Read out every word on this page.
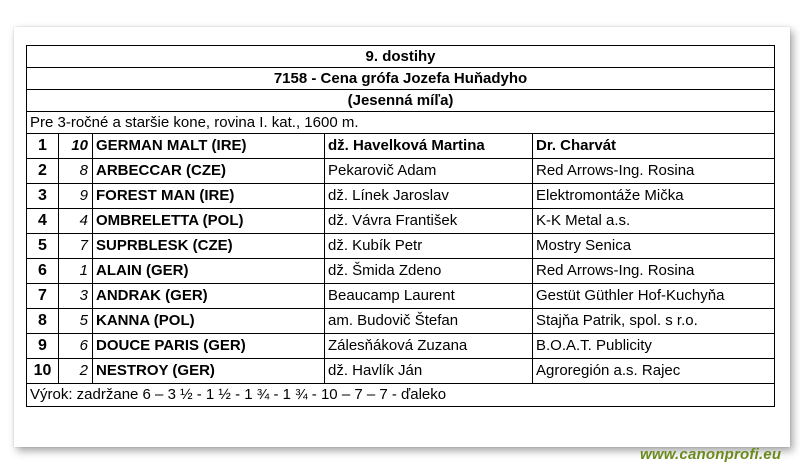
9. dostihy				
7158 - Cena grófa Jozefa Huňadyho				
(Jesenná míľa)				
Pre 3-ročné a staršie kone, rovina I. kat., 1600 m.				
1	10	GERMAN MALT (IRE)	dž. Havelková Martina	Dr. Charvát
2	8	ARBECCAR (CZE)	Pekarovič Adam	Red Arrows-Ing. Rosina
3	9	FOREST MAN (IRE)	dž. Línek Jaroslav	Elektromontáže Mička
4	4	OMBRELETTA (POL)	dž. Vávra František	K-K Metal a.s.
5	7	SUPRBLESK (CZE)	dž. Kubík Petr	Mostry Senica
6	1	ALAIN (GER)	dž. Šmida Zdeno	Red Arrows-Ing. Rosina
7	3	ANDRAK (GER)	Beaucamp Laurent	Gestüt Güthler Hof-Kuchyňa
8	5	KANNA (POL)	am. Budovič Štefan	Stajňa Patrik, spol. s r.o.
9	6	DOUCE PARIS (GER)	Zálesňáková Zuzana	B.O.A.T. Publicity
10	2	NESTROY (GER)	dž. Havlík Ján	Agroregión a.s. Rajec
Výrok: zadržane 6 – 3 ½ - 1 ½ - 1 ¾ - 1 ¾ - 10 – 7 – 7 - ďaleko				
www.canonprofi.eu
